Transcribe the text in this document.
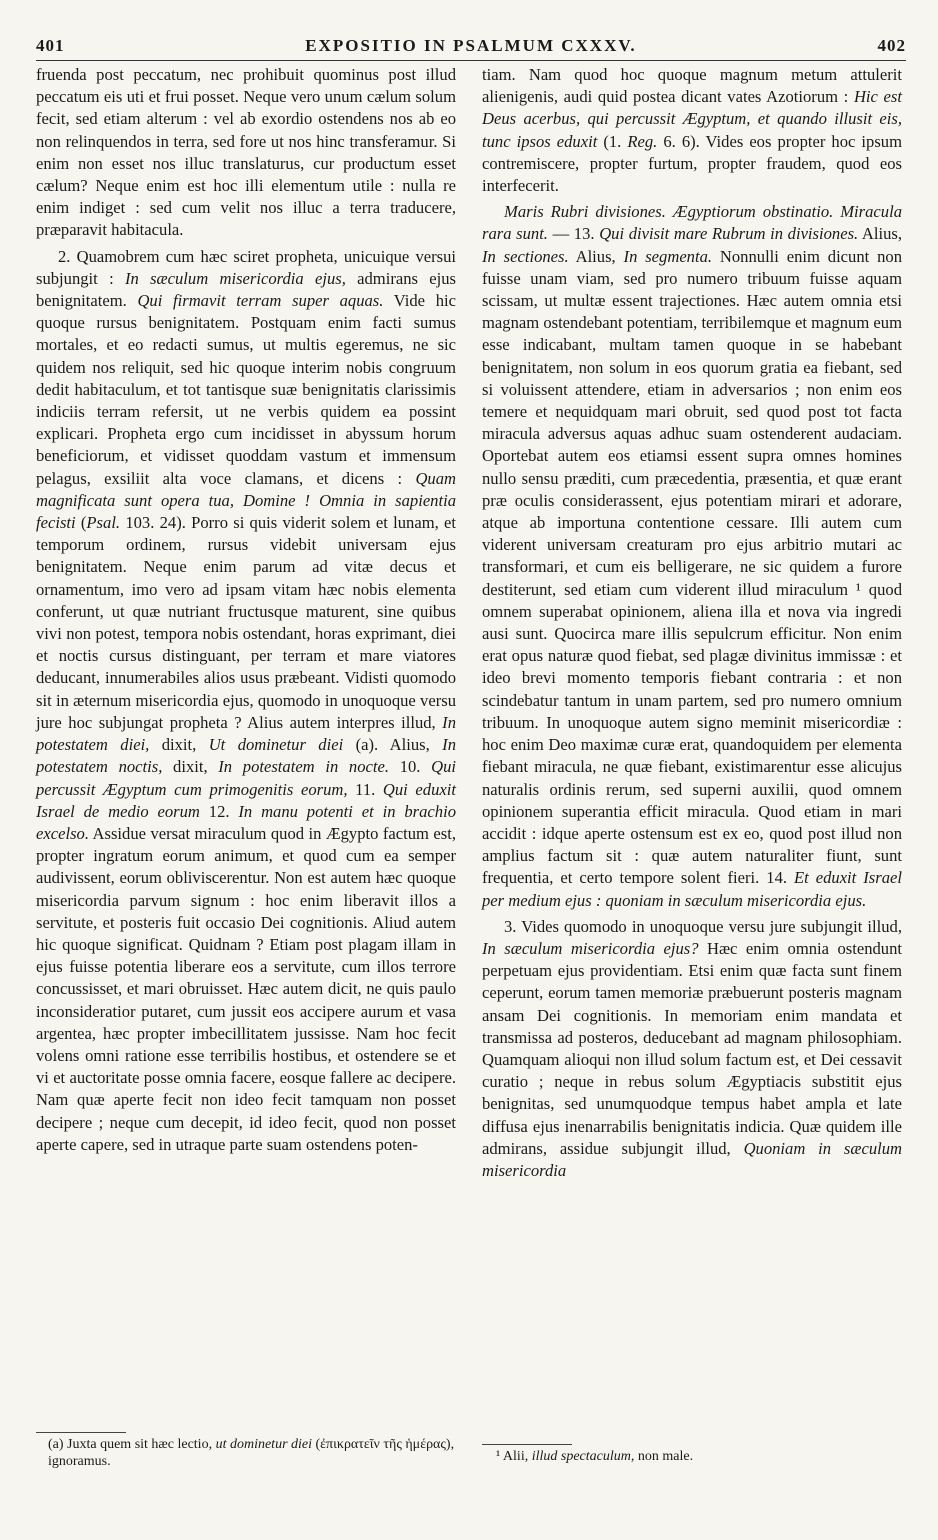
401	EXPOSITIO IN PSALMUM CXXXV.	402

fruenda post peccatum, nec prohibuit quominus post illud peccatum eis uti et frui posset. Neque vero unum cælum solum fecit, sed etiam alterum : vel ab exordio ostendens nos ab eo non relinquendos in terra, sed fore ut nos hinc transferamur. Si enim non esset nos illuc translaturus, cur productum esset cælum? Neque enim est hoc illi elementum utile : nulla re enim indiget : sed cum velit nos illuc a terra traducere, præparavit habitacula.

2. Quamobrem cum hæc sciret propheta, unicuique versui subjungit : In sæculum misericordia ejus, admirans ejus benignitatem. Qui firmavit terram super aquas. Vide hic quoque rursus benignitatem. Postquam enim facti sumus mortales, et eo redacti sumus, ut multis egeremus, ne sic quidem nos reliquit, sed hic quoque interim nobis congruum dedit habitaculum, et tot tantisque suæ benignitatis clarissimis indiciis terram refersit, ut ne verbis quidem ea possint explicari. Propheta ergo cum incidisset in abyssum horum beneficiorum, et vidisset quoddam vastum et immensum pelagus, exsiliit alta voce clamans, et dicens : Quam magnificata sunt opera tua, Domine ! Omnia in sapientia fecisti (Psal. 103. 24). Porro si quis viderit solem et lunam, et temporum ordinem, rursus videbit universam ejus benignitatem. Neque enim parum ad vitæ decus et ornamentum, imo vero ad ipsam vitam hæc nobis elementa conferunt, ut quæ nutriant fructusque maturent, sine quibus vivi non potest, tempora nobis ostendant, horas exprimant, diei et noctis cursus distinguant, per terram et mare viatores deducant, innumerabiles alios usus præbeant. Vidisti quomodo sit in æternum misericordia ejus, quomodo in unoquoque versu jure hoc subjungat propheta ? Alius autem interpres illud, In potestatem diei, dixit, Ut dominetur diei (a). Alius, In potestatem noctis, dixit, In potestatem in nocte. 10. Qui percussit Ægyptum cum primogenitis eorum, 11. Qui eduxit Israel de medio eorum 12. In manu potenti et in brachio excelso. Assidue versat miraculum quod in Ægypto factum est, propter ingratum eorum animum, et quod cum ea semper audivissent, eorum obliviscerentur. Non est autem hæc quoque misericordia parvum signum : hoc enim liberavit illos a servitute, et posteris fuit occasio Dei cognitionis. Aliud autem hic quoque significat. Quidnam ? Etiam post plagam illam in ejus fuisse potentia liberare eos a servitute, cum illos terrore concussisset, et mari obruisset. Hæc autem dicit, ne quis paulo inconsideratior putaret, cum jussit eos accipere aurum et vasa argentea, hæc propter imbecillitatem jussisse. Nam hoc fecit volens omni ratione esse terribilis hostibus, et ostendere se et vi et auctoritate posse omnia facere, eosque fallere ac decipere. Nam quæ aperte fecit non ideo fecit tamquam non posset decipere ; neque cum decepit, id ideo fecit, quod non posset aperte capere, sed in utraque parte suam ostendens poten-

(a) Juxta quem sit hæc lectio, ut dominetur diei (ἐπικρατεῖν τῆς ἡμέρας), ignoramus.

tiam. Nam quod hoc quoque magnum metum attulerit alienigenis, audi quid postea dicant vates Azotiorum : Hic est Deus acerbus, qui percussit Ægyptum, et quando illusit eis, tunc ipsos eduxit (1. Reg. 6. 6). Vides eos propter hoc ipsum contremiscere, propter furtum, propter fraudem, quod eos interfecerit.

Maris Rubri divisiones. Ægyptiorum obstinatio. Miracula rara sunt. — 13. Qui divisit mare Rubrum in divisiones. Alius, In sectiones. Alius, In segmenta. Nonnulli enim dicunt non fuisse unam viam, sed pro numero tribuum fuisse aquam scissam, ut multæ essent trajectiones. Hæc autem omnia etsi magnam ostendebant potentiam, terribilemque et magnum eum esse indicabant, multam tamen quoque in se habebant benignitatem, non solum in eos quorum gratia ea fiebant, sed si voluissent attendere, etiam in adversarios ; non enim eos temere et nequidquam mari obruit, sed quod post tot facta miracula adversus aquas adhuc suam ostenderent audaciam. Oportebat autem eos etiamsi essent supra omnes homines nullo sensu præditi, cum præcedentia, præsentia, et quæ erant præ oculis considerassent, ejus potentiam mirari et adorare, atque ab importuna contentione cessare. Illi autem cum viderent universam creaturam pro ejus arbitrio mutari ac transformari, et cum eis belligerare, ne sic quidem a furore destiterunt, sed etiam cum viderent illud miraculum ¹ quod omnem superabat opinionem, aliena illa et nova via ingredi ausi sunt. Quocirca mare illis sepulcrum efficitur. Non enim erat opus naturæ quod fiebat, sed plagæ divinitus immissæ : et ideo brevi momento temporis fiebant contraria : et non scindebatur tantum in unam partem, sed pro numero omnium tribuum. In unoquoque autem signo meminit misericordiæ : hoc enim Deo maximæ curæ erat, quandoquidem per elementa fiebant miracula, ne quæ fiebant, existimarentur esse alicujus naturalis ordinis rerum, sed superni auxilii, quod omnem opinionem superantia efficit miracula. Quod etiam in mari accidit : idque aperte ostensum est ex eo, quod post illud non amplius factum sit : quæ autem naturaliter fiunt, sunt frequentia, et certo tempore solent fieri. 14. Et eduxit Israel per medium ejus : quoniam in sæculum misericordia ejus.

3. Vides quomodo in unoquoque versu jure subjungit illud, In sæculum misericordia ejus? Hæc enim omnia ostendunt perpetuam ejus providentiam. Etsi enim quæ facta sunt finem ceperunt, eorum tamen memoriæ præbuerunt posteris magnam ansam Dei cognitionis. In memoriam enim mandata et transmissa ad posteros, deducebant ad magnam philosophiam. Quamquam alioqui non illud solum factum est, et Dei cessavit curatio ; neque in rebus solum Ægyptiacis substitit ejus benignitas, sed unumquodque tempus habet ampla et late diffusa ejus inenarrabilis benignitatis indicia. Quæ quidem ille admirans, assidue subjungit illud, Quoniam in sæculum misericordia

¹ Alii, illud spectaculum, non male.
